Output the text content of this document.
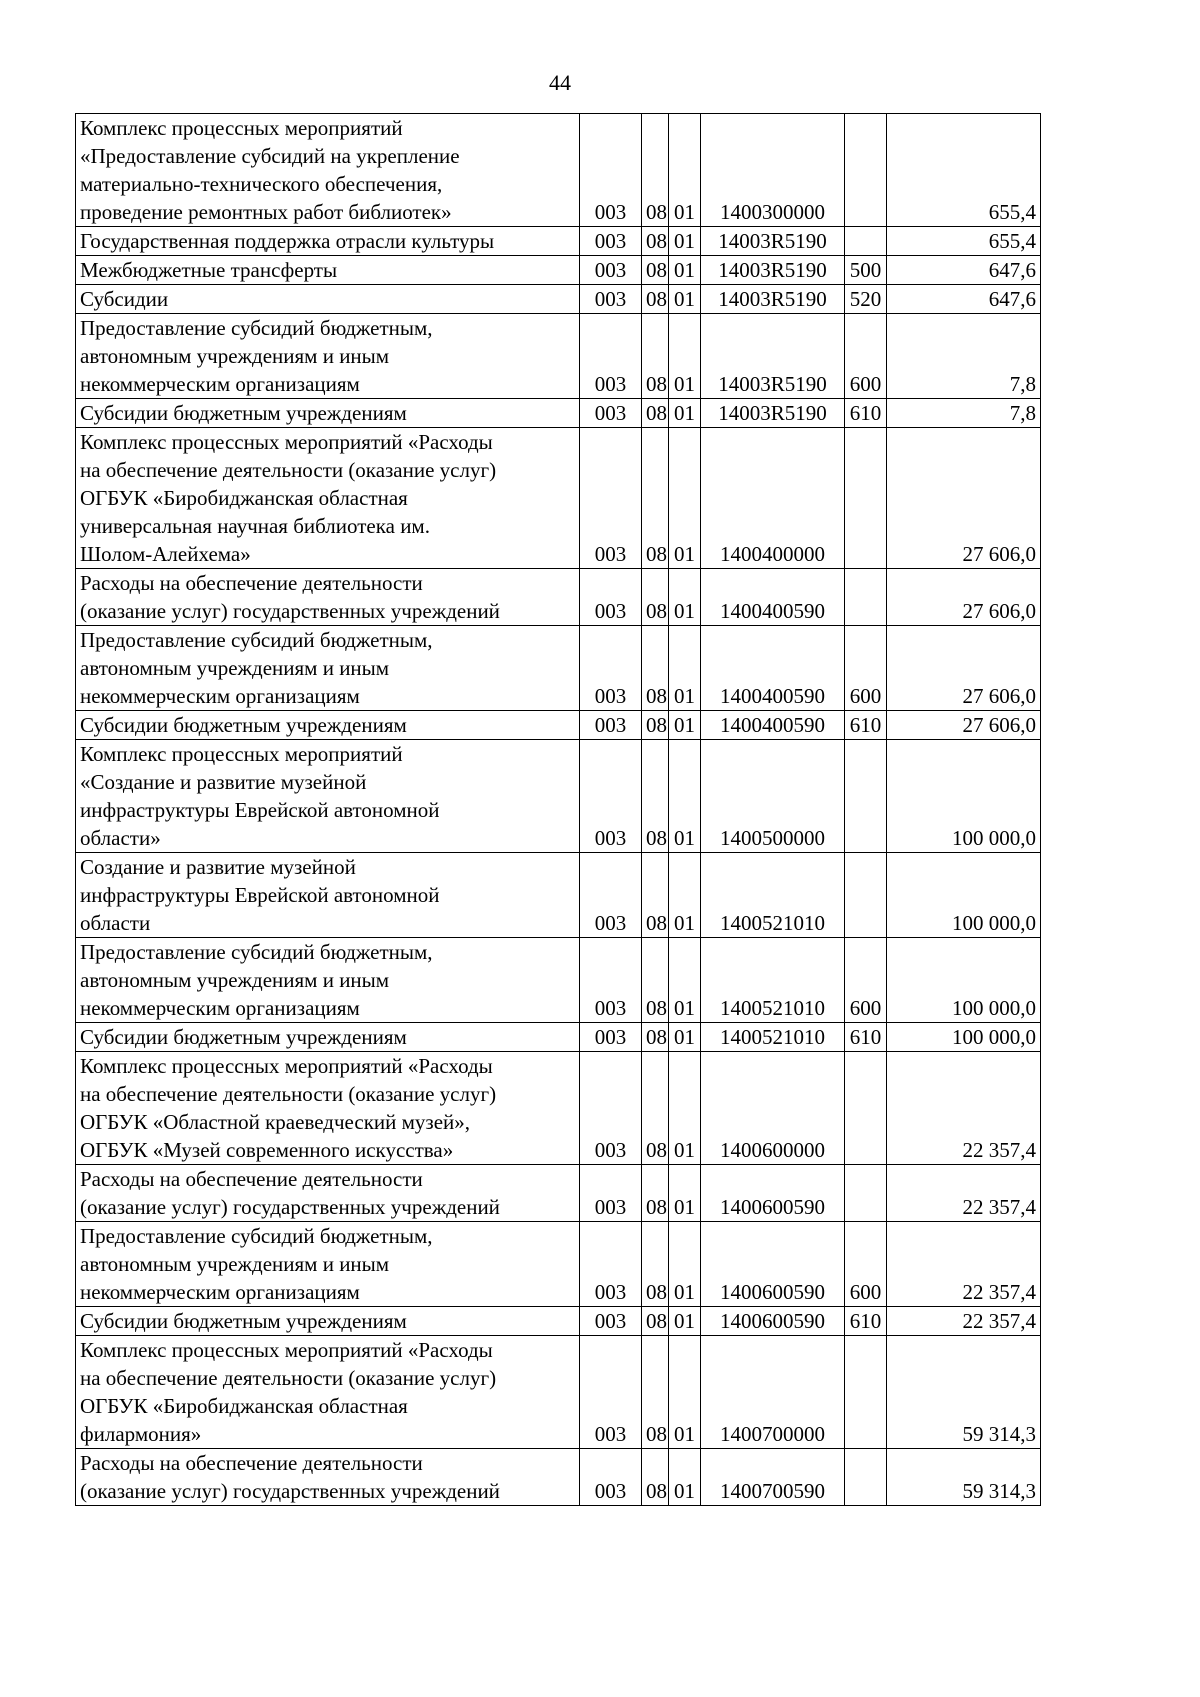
44
Комплекс процессных мероприятий
«Предоставление субсидий на укрепление
материально-технического обеспечения,
проведение ремонтных работ библиотек»	003	08	01	1400300000		655,4
Государственная поддержка отрасли культуры	003	08	01	14003R5190		655,4
Межбюджетные трансферты	003	08	01	14003R5190	500	647,6
Субсидии	003	08	01	14003R5190	520	647,6
Предоставление субсидий бюджетным,
автономным учреждениям и иным
некоммерческим организациям	003	08	01	14003R5190	600	7,8
Субсидии бюджетным учреждениям	003	08	01	14003R5190	610	7,8
Комплекс процессных мероприятий «Расходы
на обеспечение деятельности (оказание услуг)
ОГБУК «Биробиджанская областная
универсальная научная библиотека им.
Шолом-Алейхема»	003	08	01	1400400000		27 606,0
Расходы на обеспечение деятельности
(оказание услуг) государственных учреждений	003	08	01	1400400590		27 606,0
Предоставление субсидий бюджетным,
автономным учреждениям и иным
некоммерческим организациям	003	08	01	1400400590	600	27 606,0
Субсидии бюджетным учреждениям	003	08	01	1400400590	610	27 606,0
Комплекс процессных мероприятий
«Создание и развитие музейной
инфраструктуры Еврейской автономной
области»	003	08	01	1400500000		100 000,0
Создание и развитие музейной
инфраструктуры Еврейской автономной
области	003	08	01	1400521010		100 000,0
Предоставление субсидий бюджетным,
автономным учреждениям и иным
некоммерческим организациям	003	08	01	1400521010	600	100 000,0
Субсидии бюджетным учреждениям	003	08	01	1400521010	610	100 000,0
Комплекс процессных мероприятий «Расходы
на обеспечение деятельности (оказание услуг)
ОГБУК «Областной краеведческий музей»,
ОГБУК «Музей современного искусства»	003	08	01	1400600000		22 357,4
Расходы на обеспечение деятельности
(оказание услуг) государственных учреждений	003	08	01	1400600590		22 357,4
Предоставление субсидий бюджетным,
автономным учреждениям и иным
некоммерческим организациям	003	08	01	1400600590	600	22 357,4
Субсидии бюджетным учреждениям	003	08	01	1400600590	610	22 357,4
Комплекс процессных мероприятий «Расходы
на обеспечение деятельности (оказание услуг)
ОГБУК «Биробиджанская областная
филармония»	003	08	01	1400700000		59 314,3
Расходы на обеспечение деятельности
(оказание услуг) государственных учреждений	003	08	01	1400700590		59 314,3
